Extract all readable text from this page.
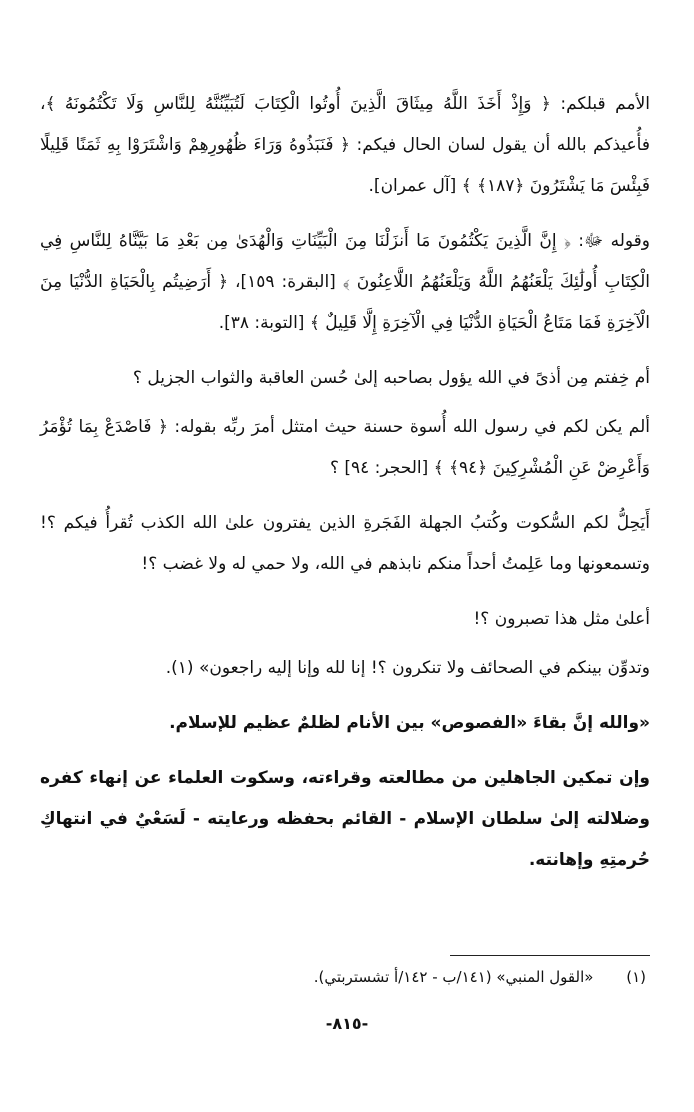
الأمم قبلكم: ﴿ وَإِذْ أَخَذَ اللَّهُ مِيثَاقَ الَّذِينَ أُوتُوا الْكِتَابَ لَتُبَيِّنُنَّهُ لِلنَّاسِ وَلَا تَكْتُمُونَهُ ﴾، فأُعيذكم بالله أن يقول لسان الحال فيكم: ﴿ فَنَبَذُوهُ وَرَاءَ ظُهُورِهِمْ وَاشْتَرَوْا بِهِ ثَمَنًا قَلِيلًا فَبِئْسَ مَا يَشْتَرُونَ ﴿١٨٧﴾ ﴾ [آل عمران].

وقوله ﷻ: ﴿ إِنَّ الَّذِينَ يَكْتُمُونَ مَا أَنزَلْنَا مِنَ الْبَيِّنَاتِ وَالْهُدَىٰ مِن بَعْدِ مَا بَيَّنَّاهُ لِلنَّاسِ فِي الْكِتَابِ أُولَٰئِكَ يَلْعَنُهُمُ اللَّهُ وَيَلْعَنُهُمُ اللَّاعِنُونَ ﴾ [البقرة: ١٥٩]، ﴿ أَرَضِيتُم بِالْحَيَاةِ الدُّنْيَا مِنَ الْآخِرَةِ فَمَا مَتَاعُ الْحَيَاةِ الدُّنْيَا فِي الْآخِرَةِ إِلَّا قَلِيلٌ ﴾ [التوبة: ٣٨].

أم خِفتم مِن أذىً في الله يؤول بصاحبه إلىٰ حُسن العاقبة والثواب الجزيل ؟

ألم يكن لكم في رسول الله أُسوة حسنة حيث امتثل أمرَ ربِّه بقوله: ﴿ فَاصْدَعْ بِمَا تُؤْمَرُ وَأَعْرِضْ عَنِ الْمُشْرِكِينَ ﴿٩٤﴾ ﴾ [الحجر: ٩٤] ؟

أَيَحِلُّ لكم السُّكوت وكُتبُ الجهلة الفَجَرةِ الذين يفترون علىٰ الله الكذب تُقرأُ فيكم ؟! وتسمعونها وما عَلِمتُ أحداً منكم نابذهم في الله، ولا حمي له ولا غضب ؟!

أعلىٰ مثل هذا تصبرون ؟!

وتدوِّن بينكم في الصحائف ولا تنكرون ؟! إنا لله وإنا إليه راجعون» (١).

«والله إنَّ بقاءَ «الفصوص» بين الأنام لظلمٌ عظيم للإسلام.

وإن تمكين الجاهلين من مطالعته وقراءته، وسكوت العلماء عن إنهاء كفره وضلالته إلىٰ سلطان الإسلام - القائم بحفظه ورعايته - لَسَعْيٌ في انتهاكِ حُرمتِهِ وإهانته.

(١) «القول المنبي» (١٤١/ب - ١٤٢/أ تشستربتي).
-٨١٥-
